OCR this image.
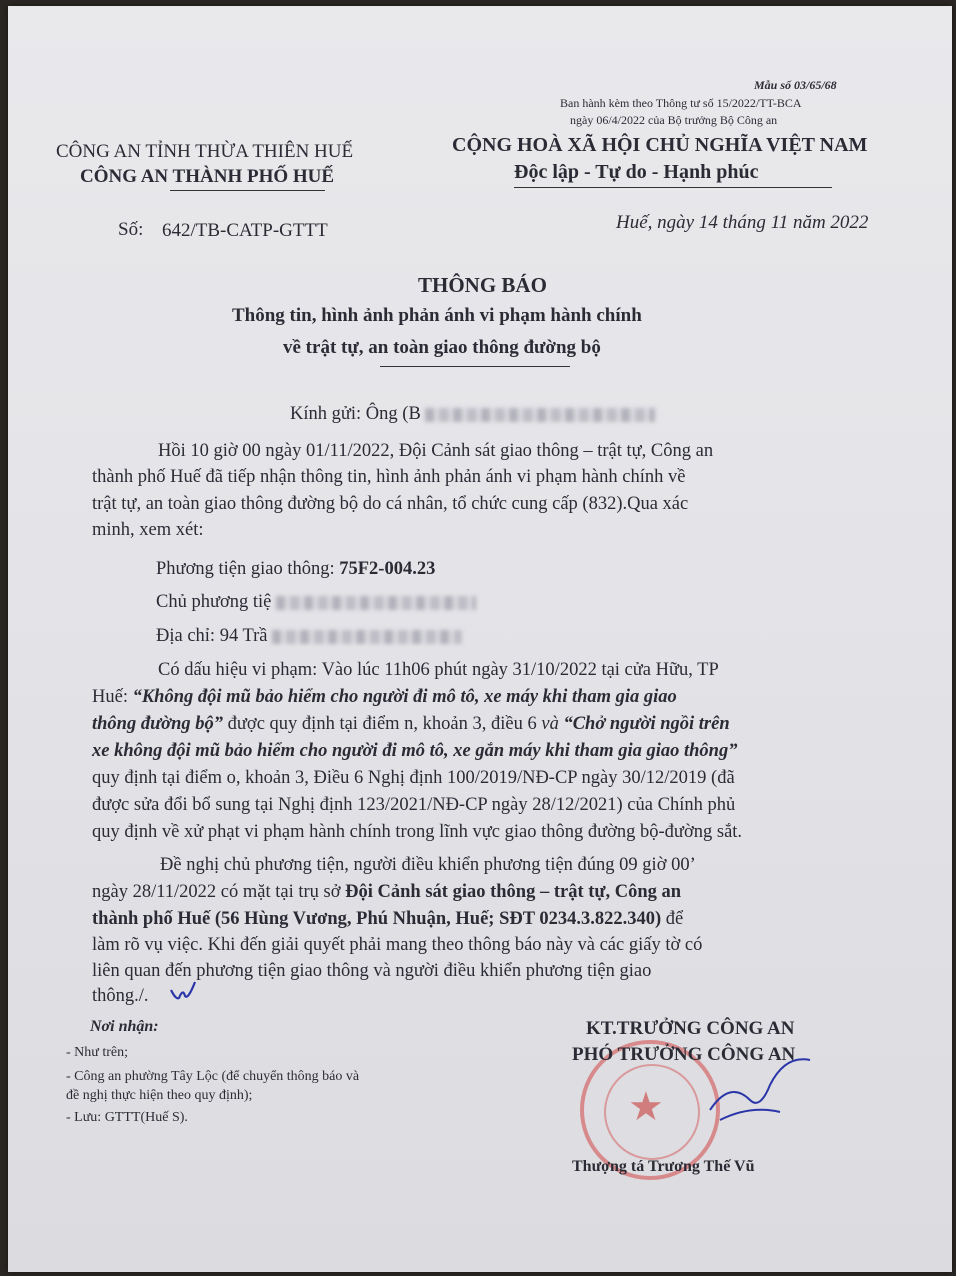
Mẫu số 03/65/68
Ban hành kèm theo Thông tư số 15/2022/TT-BCA
ngày 06/4/2022 của Bộ trưởng Bộ Công an
CÔNG AN TỈNH THỪA THIÊN HUẾ
CÔNG AN THÀNH PHỐ HUẾ
CỘNG HOÀ XÃ HỘI CHỦ NGHĨA VIỆT NAM
Độc lập - Tự do - Hạnh phúc
Số: 642/TB-CATP-GTTT	Huế, ngày 14 tháng 11 năm 2022
THÔNG BÁO
Thông tin, hình ảnh phản ánh vi phạm hành chính
về trật tự, an toàn giao thông đường bộ
Kính gửi: Ông (B
Hồi 10 giờ 00 ngày 01/11/2022, Đội Cảnh sát giao thông – trật tự, Công an
thành phố Huế đã tiếp nhận thông tin, hình ảnh phản ánh vi phạm hành chính về
trật tự, an toàn giao thông đường bộ do cá nhân, tổ chức cung cấp (832).Qua xác
minh, xem xét:
Phương tiện giao thông: 75F2-004.23
Chủ phương tiệ
Địa chỉ: 94 Trầ
Có dấu hiệu vi phạm: Vào lúc 11h06 phút ngày 31/10/2022 tại cửa Hữu, TP
Huế: “Không đội mũ bảo hiểm cho người đi mô tô, xe máy khi tham gia giao
thông đường bộ” được quy định tại điểm n, khoản 3, điều 6 và “Chở người ngồi trên
xe không đội mũ bảo hiểm cho người đi mô tô, xe gắn máy khi tham gia giao thông”
quy định tại điểm o, khoản 3, Điều 6 Nghị định 100/2019/NĐ-CP ngày 30/12/2019 (đã
được sửa đổi bổ sung tại Nghị định 123/2021/NĐ-CP ngày 28/12/2021) của Chính phủ
quy định về xử phạt vi phạm hành chính trong lĩnh vực giao thông đường bộ-đường sắt.
Đề nghị chủ phương tiện, người điều khiển phương tiện đúng 09 giờ 00’
ngày 28/11/2022 có mặt tại trụ sở Đội Cảnh sát giao thông – trật tự, Công an
thành phố Huế (56 Hùng Vương, Phú Nhuận, Huế; SĐT 0234.3.822.340) để
làm rõ vụ việc. Khi đến giải quyết phải mang theo thông báo này và các giấy tờ có
liên quan đến phương tiện giao thông và người điều khiển phương tiện giao
thông./.
Nơi nhận:
- Như trên;
- Công an phường Tây Lộc (để chuyển thông báo và
đề nghị thực hiện theo quy định);
- Lưu: GTTT(Huế S).	★
KT.TRƯỞNG CÔNG AN
PHÓ TRƯỞNG CÔNG AN
Thượng tá Trương Thế Vũ
